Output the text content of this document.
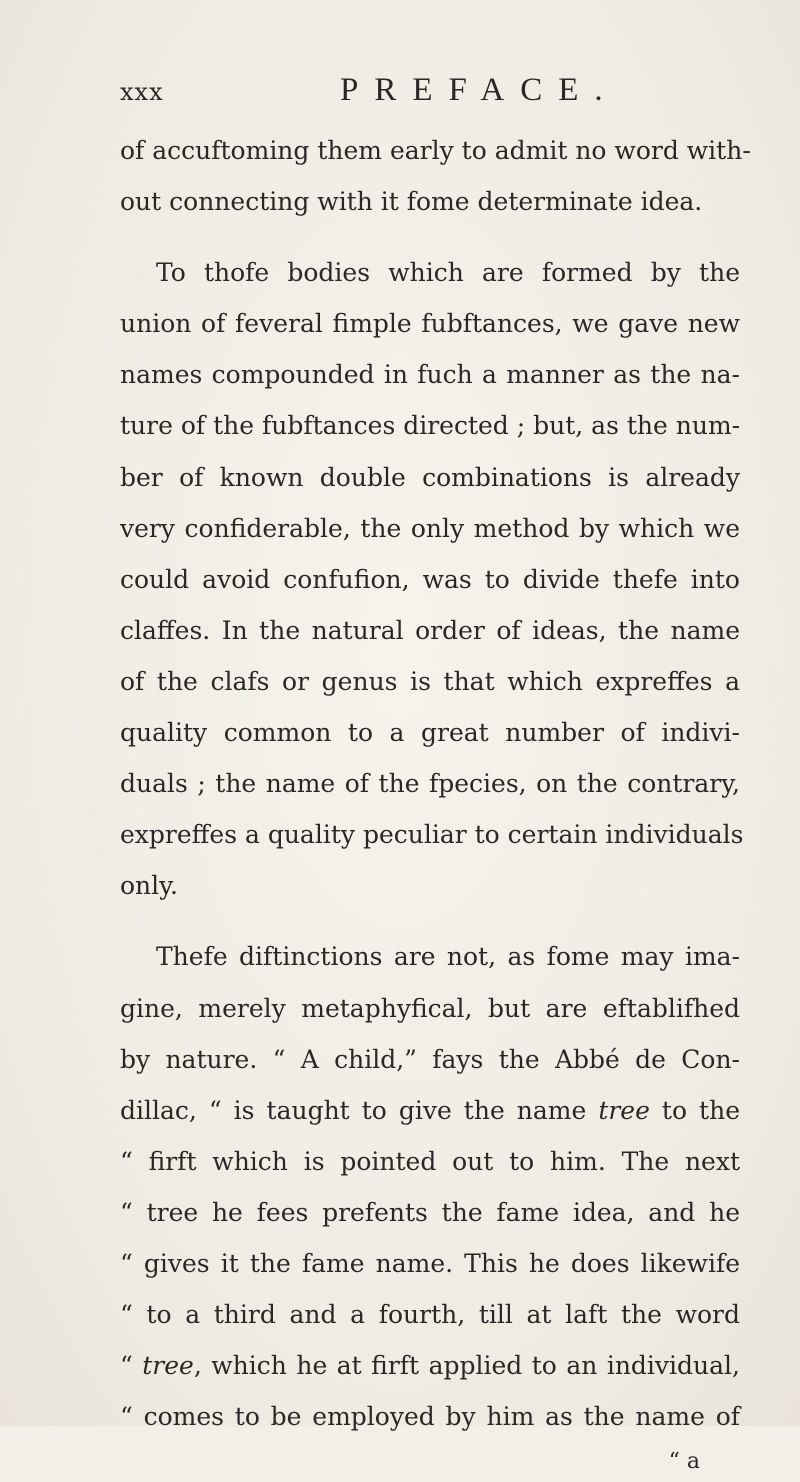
xxx	PREFACE.
of accuftoming them early to admit no word with-
out connecting with it fome determinate idea.
To thofe bodies which are formed by the
union of feveral fimple fubftances, we gave new
names compounded in fuch a manner as the na-
ture of the fubftances directed ; but, as the num-
ber of known double combinations is already
very confiderable, the only method by which we
could avoid confufion, was to divide thefe into
claffes. In the natural order of ideas, the name
of the clafs or genus is that which expreffes a
quality common to a great number of indivi-
duals ; the name of the fpecies, on the contrary,
expreffes a quality peculiar to certain individuals
only.
Thefe diftinctions are not, as fome may ima-
gine, merely metaphyfical, but are eftablifhed
by nature. “ A child,” fays the Abbé de Con-
dillac, “ is taught to give the name tree to the
“ firft which is pointed out to him. The next
“ tree he fees prefents the fame idea, and he
“ gives it the fame name. This he does likewife
“ to a third and a fourth, till at laft the word
“ tree, which he at firft applied to an individual,
“ comes to be employed by him as the name of
“ a
